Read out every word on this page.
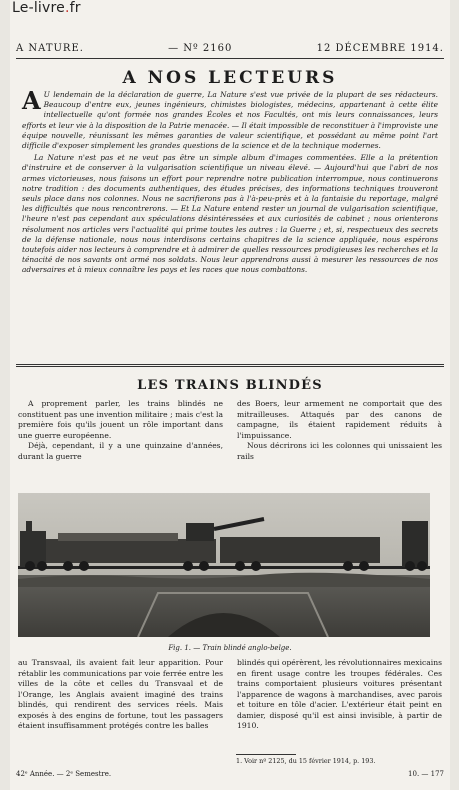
Le-livre.fr
A NATURE.	— Nº 2160	12 DÉCEMBRE 1914.
A NOS LECTEURS

A U lendemain de la déclaration de guerre, La Nature s'est vue privée de la plupart de ses rédacteurs. Beaucoup d'entre eux, jeunes ingénieurs, chimistes biologistes, médecins, appartenant à cette élite intellectuelle qu'ont formée nos grandes Écoles et nos Facultés, ont mis leurs connaissances, leurs efforts et leur vie à la disposition de la Patrie menacée. — Il était impossible de reconstituer à l'improviste une équipe nouvelle, réunissant les mêmes garanties de valeur scientifique, et possédant au même point l'art difficile d'exposer simplement les grandes questions de la science et de la technique modernes.

La Nature n'est pas et ne veut pas être un simple album d'images commentées. Elle a la prétention d'instruire et de conserver à la vulgarisation scientifique un niveau élevé. — Aujourd'hui que l'abri de nos armes victorieuses, nous faisons un effort pour reprendre notre publication interrompue, nous continuerons notre tradition : des documents authentiques, des études précises, des informations techniques trouveront seuls place dans nos colonnes. Nous ne sacrifierons pas à l'à-peu-près et à la fantaisie du reportage, malgré les difficultés que nous rencontrerons. — Et La Nature entend rester un journal de vulgarisation scientifique, l'heure n'est pas cependant aux spéculations désintéressées et aux curiosités de cabinet ; nous orienterons résolument nos articles vers l'actualité qui prime toutes les autres : la Guerre ; et, si, respectueux des secrets de la défense nationale, nous nous interdisons certains chapitres de la science appliquée, nous espérons toutefois aider nos lecteurs à comprendre et à admirer de quelles ressources prodigieuses les recherches et la ténacité de nos savants ont armé nos soldats. Nous leur apprendrons aussi à mesurer les ressources de nos adversaires et à mieux connaître les pays et les races que nous combattons.

LES TRAINS BLINDÉS

A proprement parler, les trains blindés ne constituent pas une invention militaire ; mais c'est la première fois qu'ils jouent un rôle important dans une guerre européenne.

Déjà, cependant, il y a une quinzaine d'années, durant la guerre

des Boers, leur armement ne comportait que des mitrailleuses. Attaqués par des canons de campagne, ils étaient rapidement réduits à l'impuissance.

Nous décrirons ici les colonnes qui unissaient les rails

Fig. 1. — Train blindé anglo-belge.

au Transvaal, ils avaient fait leur apparition. Pour rétablir les communications par voie ferrée entre les villes de la côte et celles du Transvaal et de l'Orange, les Anglais avaient imaginé des trains blindés, qui rendirent des services réels. Mais exposés à des engins de fortune, tout les passagers étaient insuffisamment protégés contre les balles

blindés qui opérèrent, les révolutionnaires mexicains en firent usage contre les troupes fédérales. Ces trains comportaient plusieurs voitures présentant l'apparence de wagons à marchandises, avec parois et toiture en tôle d'acier. L'extérieur était peint en damier, disposé qu'il est ainsi invisible, à partir de 1910.

1. Voir nº 2125, du 15 février 1914, p. 193.
42ᵉ Année. — 2ᵉ Semestre.	10. — 177
